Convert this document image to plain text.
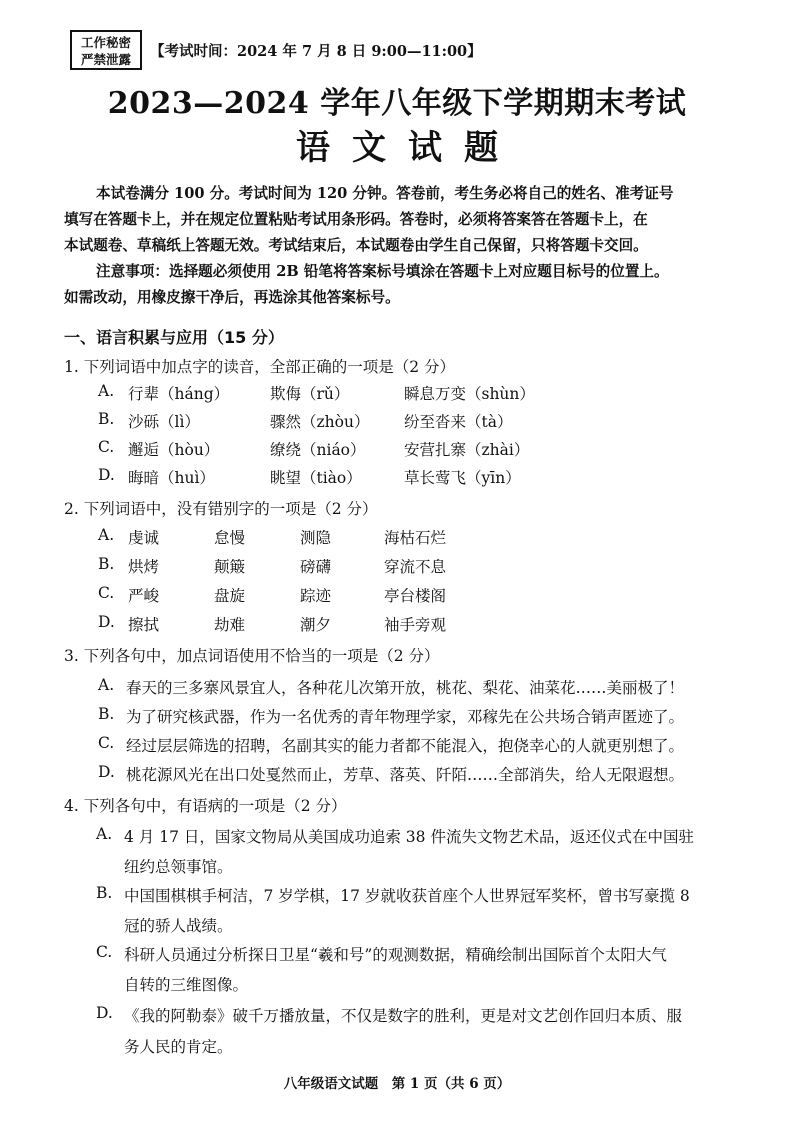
工作秘密
严禁泄露	【考试时间：2024 年 7 月 8 日 9:00—11:00】
2023—2024 学年八年级下学期期末考试
语文试题
本试卷满分 100 分。考试时间为 120 分钟。答卷前，考生务必将自己的姓名、准考证号
填写在答题卡上，并在规定位置粘贴考试用条形码。答卷时，必须将答案答在答题卡上，在
本试题卷、草稿纸上答题无效。考试结束后，本试题卷由学生自己保留，只将答题卡交回。
注意事项：选择题必须使用 2B 铅笔将答案标号填涂在答题卡上对应题目标号的位置上。
如需改动，用橡皮擦干净后，再选涂其他答案标号。
一、语言积累与应用（15 分）
1. 下列词语中加点字的读音，全部正确的一项是（2 分）
A. 行辈（háng）	欺侮（rǔ）	瞬息万变（shùn）
B. 沙砾（lì）	骤然（zhòu） 纷至沓来（tà）
C. 邂逅（hòu）	缭绕（niáo） 安营扎寨（zhài）
D. 晦暗（huì）	眺望（tiào）	草长莺飞（yīn）
2. 下列词语中，没有错别字的一项是（2 分）
A. 虔诚	怠慢	测隐	海枯石烂
B. 烘烤	颠簸	磅礴	穿流不息
C. 严峻	盘旋	踪迹	亭台楼阁
D. 擦拭	劫难	潮夕	袖手旁观
3. 下列各句中，加点词语使用不恰当的一项是（2 分）
A. 春天的三多寨风景宜人，各种花儿次第开放，桃花、梨花、油菜花……美丽极了！
B. 为了研究核武器，作为一名优秀的青年物理学家，邓稼先在公共场合销声匿迹了。
C. 经过层层筛选的招聘，名副其实的能力者都不能混入，抱侥幸心的人就更别想了。
D. 桃花源风光在出口处戛然而止，芳草、落英、阡陌……全部消失，给人无限遐想。
4. 下列各句中，有语病的一项是（2 分）
A. 4 月 17 日，国家文物局从美国成功追索 38 件流失文物艺术品，返还仪式在中国驻
纽约总领事馆。
B. 中国围棋棋手柯洁，7 岁学棋，17 岁就收获首座个人世界冠军奖杯，曾书写豪揽 8
冠的骄人战绩。
C. 科研人员通过分析探日卫星“羲和号”的观测数据，精确绘制出国际首个太阳大气
自转的三维图像。
D. 《我的阿勒泰》破千万播放量，不仅是数字的胜利，更是对文艺创作回归本质、服
务人民的肯定。
八年级语文试题　第 1 页（共 6 页）
